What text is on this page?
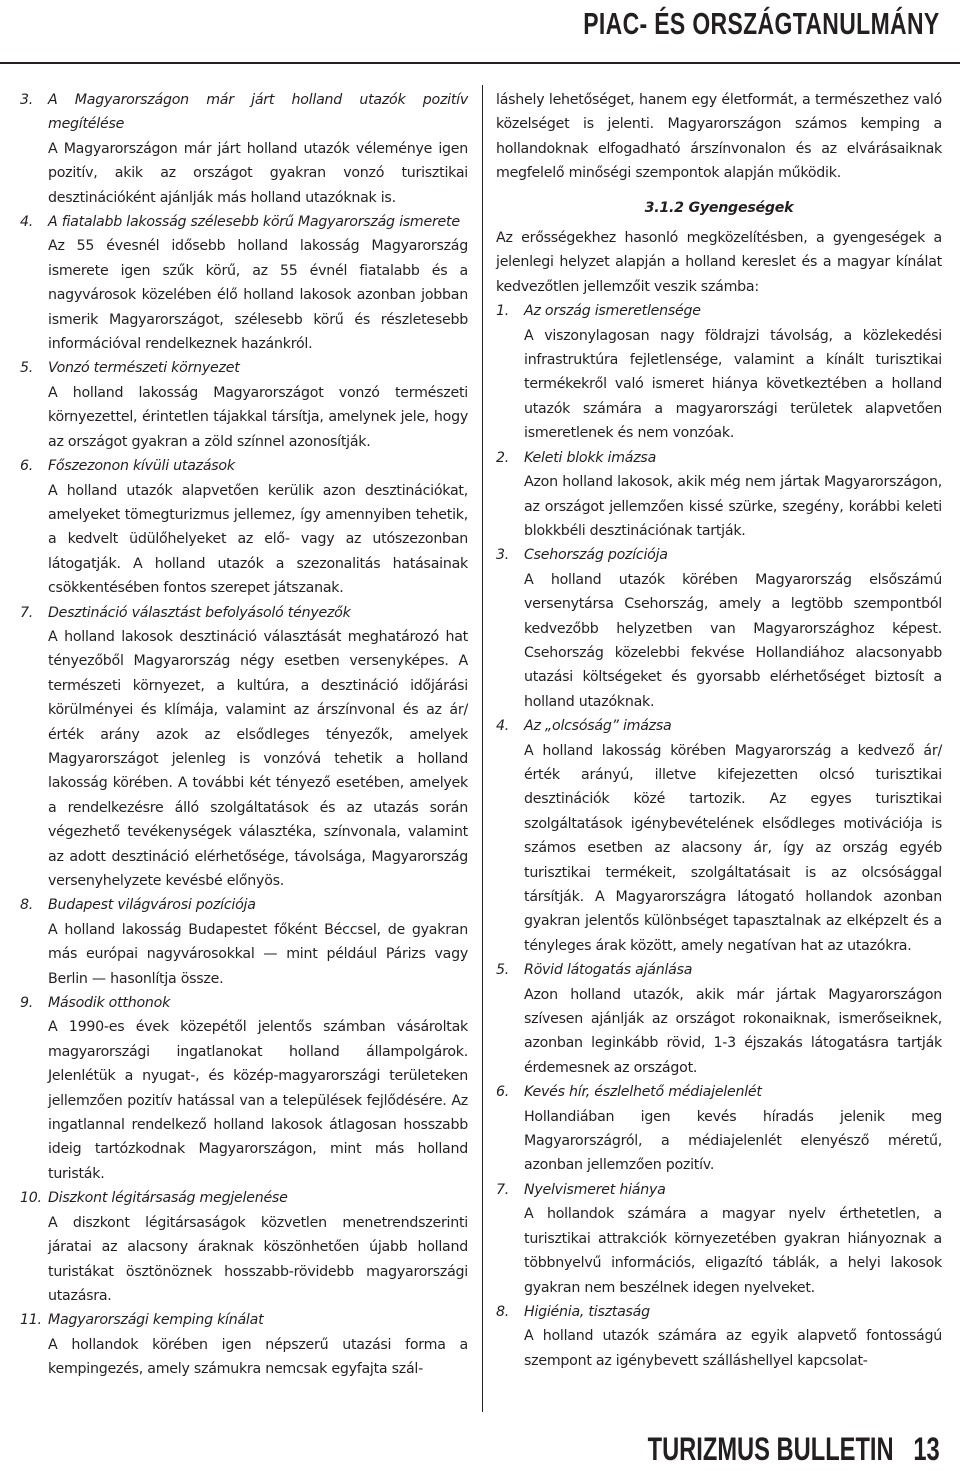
PIAC- ÉS ORSZÁGTANULMÁNY
3. A Magyarországon már járt holland utazók pozitív megítélése

A Magyarországon már járt holland utazók véleménye igen pozitív, akik az országot gyakran vonzó turisztikai desztinációként ajánlják más holland utazóknak is.

4. A fiatalabb lakosság szélesebb körű Magyarország ismerete

Az 55 évesnél idősebb holland lakosság Magyarország ismerete igen szűk körű, az 55 évnél fiatalabb és a nagyvárosok közelében élő holland lakosok azonban jobban ismerik Magyarországot, szélesebb körű és részletesebb információval rendelkeznek hazánkról.

5. Vonzó természeti környezet

A holland lakosság Magyarországot vonzó természeti környezettel, érintetlen tájakkal társítja, amelynek jele, hogy az országot gyakran a zöld színnel azonosítják.

6. Főszezonon kívüli utazások

A holland utazók alapvetően kerülik azon desztinációkat, amelyeket tömegturizmus jellemez, így amennyiben tehetik, a kedvelt üdülőhelyeket az elő- vagy az utószezonban látogatják. A holland utazók a szezonalitás hatásainak csökkentésében fontos szerepet játszanak.

7. Desztináció választást befolyásoló tényezők

A holland lakosok desztináció választását meghatározó hat tényezőből Magyarország négy esetben versenyképes. A természeti környezet, a kultúra, a desztináció időjárási körülményei és klímája, valamint az árszínvonal és az ár/érték arány azok az elsődleges tényezők, amelyek Magyarországot jelenleg is vonzóvá tehetik a holland lakosság körében. A további két tényező esetében, amelyek a rendelkezésre álló szolgáltatások és az utazás során végezhető tevékenységek választéka, színvonala, valamint az adott desztináció elérhetősége, távolsága, Magyarország versenyhelyzete kevésbé előnyös.

8. Budapest világvárosi pozíciója

A holland lakosság Budapestet főként Béccsel, de gyakran más európai nagyvárosokkal — mint például Párizs vagy Berlin — hasonlítja össze.

9. Második otthonok

A 1990-es évek közepétől jelentős számban vásároltak magyarországi ingatlanokat holland állampolgárok. Jelenlétük a nyugat-, és közép-magyarországi területeken jellemzően pozitív hatással van a települések fejlődésére. Az ingatlannal rendelkező holland lakosok átlagosan hosszabb ideig tartózkodnak Magyarországon, mint más holland turisták.

10. Diszkont légitársaság megjelenése

A diszkont légitársaságok közvetlen menetrendszerinti járatai az alacsony áraknak köszönhetően újabb holland turistákat ösztönöznek hosszabb-rövidebb magyarországi utazásra.

11. Magyarországi kemping kínálat

A hollandok körében igen népszerű utazási forma a kempingezés, amely számukra nemcsak egyfajta szál-

láshely lehetőséget, hanem egy életformát, a természethez való közelséget is jelenti. Magyarországon számos kemping a hollandoknak elfogadható árszínvonalon és az elvárásaiknak megfelelő minőségi szempontok alapján működik.

3.1.2 Gyengeségek

Az erősségekhez hasonló megközelítésben, a gyengeségek a jelenlegi helyzet alapján a holland kereslet és a magyar kínálat kedvezőtlen jellemzőit veszik számba:

1. Az ország ismeretlensége

A viszonylagosan nagy földrajzi távolság, a közlekedési infrastruktúra fejletlensége, valamint a kínált turisztikai termékekről való ismeret hiánya következtében a holland utazók számára a magyarországi területek alapvetően ismeretlenek és nem vonzóak.

2. Keleti blokk imázsa

Azon holland lakosok, akik még nem jártak Magyarországon, az országot jellemzően kissé szürke, szegény, korábbi keleti blokkbéli desztinációnak tartják.

3. Csehország pozíciója

A holland utazók körében Magyarország elsőszámú versenytársa Csehország, amely a legtöbb szempontból kedvezőbb helyzetben van Magyarországhoz képest. Csehország közelebbi fekvése Hollandiához alacsonyabb utazási költségeket és gyorsabb elérhetőséget biztosít a holland utazóknak.

4. Az „olcsóság” imázsa

A holland lakosság körében Magyarország a kedvező ár/érték arányú, illetve kifejezetten olcsó turisztikai desztinációk közé tartozik. Az egyes turisztikai szolgáltatások igénybevételének elsődleges motivációja is számos esetben az alacsony ár, így az ország egyéb turisztikai termékeit, szolgáltatásait is az olcsósággal társítják. A Magyarországra látogató hollandok azonban gyakran jelentős különbséget tapasztalnak az elképzelt és a tényleges árak között, amely negatívan hat az utazókra.

5. Rövid látogatás ajánlása

Azon holland utazók, akik már jártak Magyarországon szívesen ajánlják az országot rokonaiknak, ismerőseiknek, azonban leginkább rövid, 1-3 éjszakás látogatásra tartják érdemesnek az országot.

6. Kevés hír, észlelhető médiajelenlét

Hollandiában igen kevés híradás jelenik meg Magyarországról, a médiajelenlét elenyésző méretű, azonban jellemzően pozitív.

7. Nyelvismeret hiánya

A hollandok számára a magyar nyelv érthetetlen, a turisztikai attrakciók környezetében gyakran hiányoznak a többnyelvű információs, eligazító táblák, a helyi lakosok gyakran nem beszélnek idegen nyelveket.

8. Higiénia, tisztaság

A holland utazók számára az egyik alapvető fontosságú szempont az igénybevett szálláshellyel kapcsolat-

TURIZMUS BULLETIN 13
